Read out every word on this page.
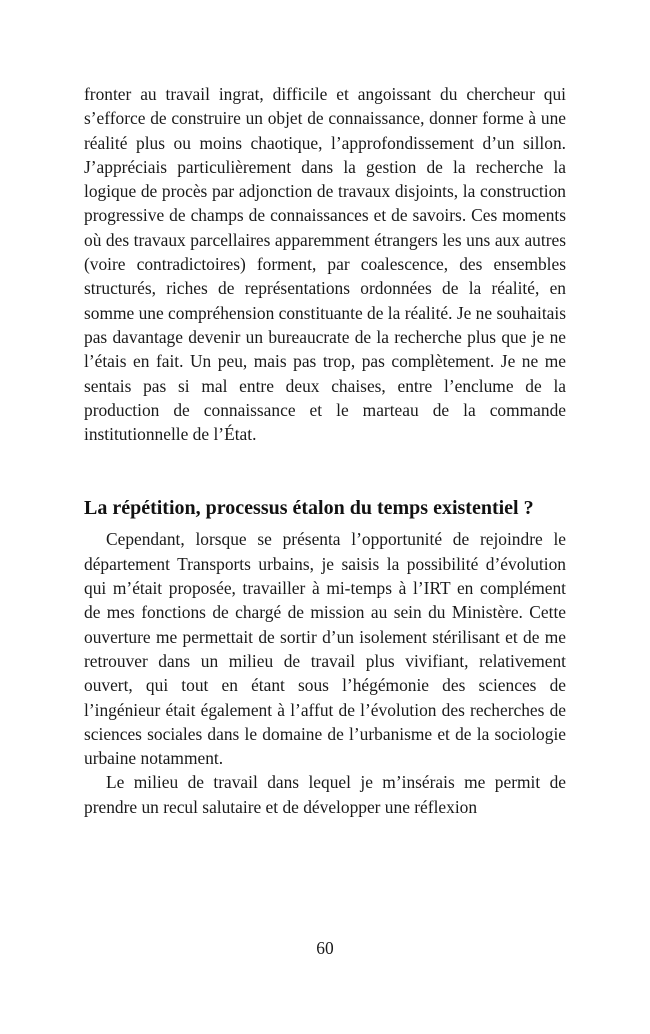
fronter au travail ingrat, difficile et angoissant du chercheur qui s’efforce de construire un objet de connaissance, donner forme à une réalité plus ou moins chaotique, l’approfondissement d’un sillon. J’appréciais particulièrement dans la gestion de la recherche la logique de procès par adjonction de travaux disjoints, la construction progressive de champs de connaissances et de savoirs. Ces moments où des travaux parcellaires apparemment étrangers les uns aux autres (voire contradictoires) forment, par coalescence, des ensembles structurés, riches de représentations ordonnées de la réalité, en somme une compréhension constituante de la réalité. Je ne souhaitais pas davantage devenir un bureaucrate de la recherche plus que je ne l’étais en fait. Un peu, mais pas trop, pas complètement. Je ne me sentais pas si mal entre deux chaises, entre l’enclume de la production de connaissance et le marteau de la commande institutionnelle de l’État.

La répétition, processus étalon du temps existentiel ?

Cependant, lorsque se présenta l’opportunité de rejoindre le département Transports urbains, je saisis la possibilité d’évolution qui m’était proposée, travailler à mi-temps à l’IRT en complément de mes fonctions de chargé de mission au sein du Ministère. Cette ouverture me permettait de sortir d’un isolement stérilisant et de me retrouver dans un milieu de travail plus vivifiant, relativement ouvert, qui tout en étant sous l’hégémonie des sciences de l’ingénieur était également à l’affut de l’évolution des recherches de sciences sociales dans le domaine de l’urbanisme et de la sociologie urbaine notamment.

Le milieu de travail dans lequel je m’insérais me permit de prendre un recul salutaire et de développer une réflexion

60
